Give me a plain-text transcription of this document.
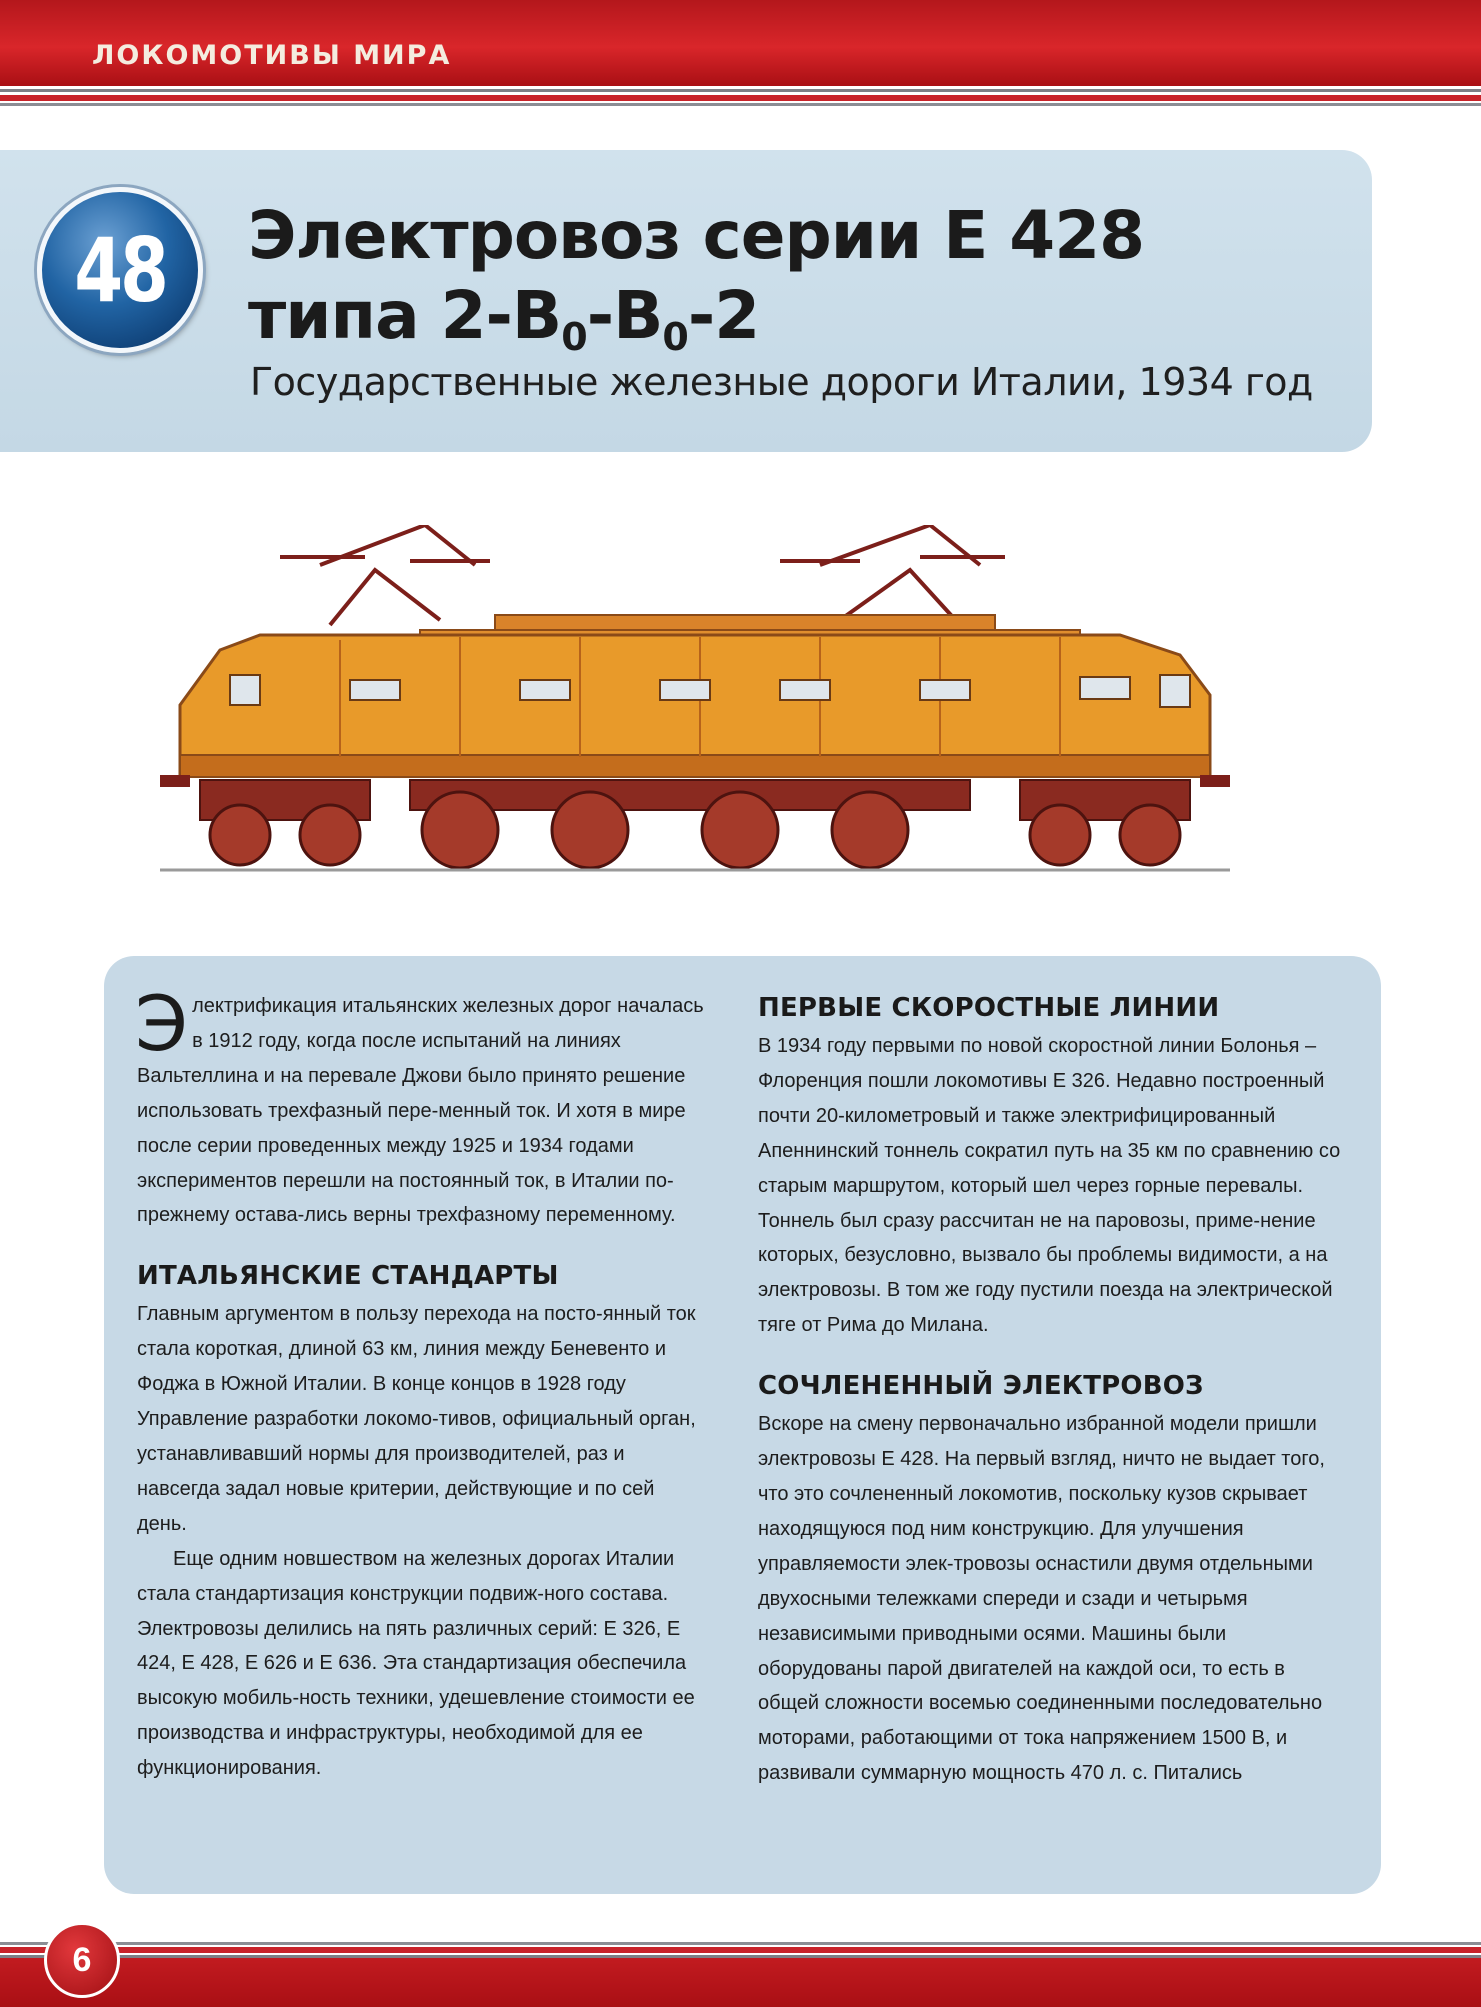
ЛОКОМОТИВЫ МИРА
48 Электровоз серии Е 428
типа $2-В_0-В_0-2$
Государственные железные дороги Италии, 1934 год

Электрификация итальянских железных дорог началась в 1912 году, когда после испытаний на линиях Вальтеллина и на перевале Джови было принято решение использовать трехфазный пере-менный ток. И хотя в мире после серии проведенных между 1925 и 1934 годами экспериментов перешли на постоянный ток, в Италии по-прежнему остава-лись верны трехфазному переменному.

ИТАЛЬЯНСКИЕ СТАНДАРТЫ

Главным аргументом в пользу перехода на посто-янный ток стала короткая, длиной 63 км, линия между Беневенто и Фоджа в Южной Италии. В конце концов в 1928 году Управление разработки локомо-тивов, официальный орган, устанавливавший нормы для производителей, раз и навсегда задал новые критерии, действующие и по сей день.

Еще одним новшеством на железных дорогах Италии стала стандартизация конструкции подвиж-ного состава. Электровозы делились на пять различных серий: Е 326, Е 424, Е 428, Е 626 и Е 636. Эта стандартизация обеспечила высокую мобиль-ность техники, удешевление стоимости ее производства и инфраструктуры, необходимой для ее функционирования.

ПЕРВЫЕ СКОРОСТНЫЕ ЛИНИИ

В 1934 году первыми по новой скоростной линии Болонья – Флоренция пошли локомотивы Е 326. Недавно построенный почти 20-километровый и также электрифицированный Апеннинский тоннель сократил путь на 35 км по сравнению со старым маршрутом, который шел через горные перевалы. Тоннель был сразу рассчитан не на паровозы, приме-нение которых, безусловно, вызвало бы проблемы видимости, а на электровозы. В том же году пустили поезда на электрической тяге от Рима до Милана.

СОЧЛЕНЕННЫЙ ЭЛЕКТРОВОЗ

Вскоре на смену первоначально избранной модели пришли электровозы Е 428. На первый взгляд, ничто не выдает того, что это сочлененный локомотив, поскольку кузов скрывает находящуюся под ним конструкцию. Для улучшения управляемости элек-тровозы оснастили двумя отдельными двухосными тележками спереди и сзади и четырьмя независимыми приводными осями. Машины были оборудованы парой двигателей на каждой оси, то есть в общей сложности восемью соединенными последовательно моторами, работающими от тока напряжением 1500 В, и развивали суммарную мощность 470 л. с. Питались

6
